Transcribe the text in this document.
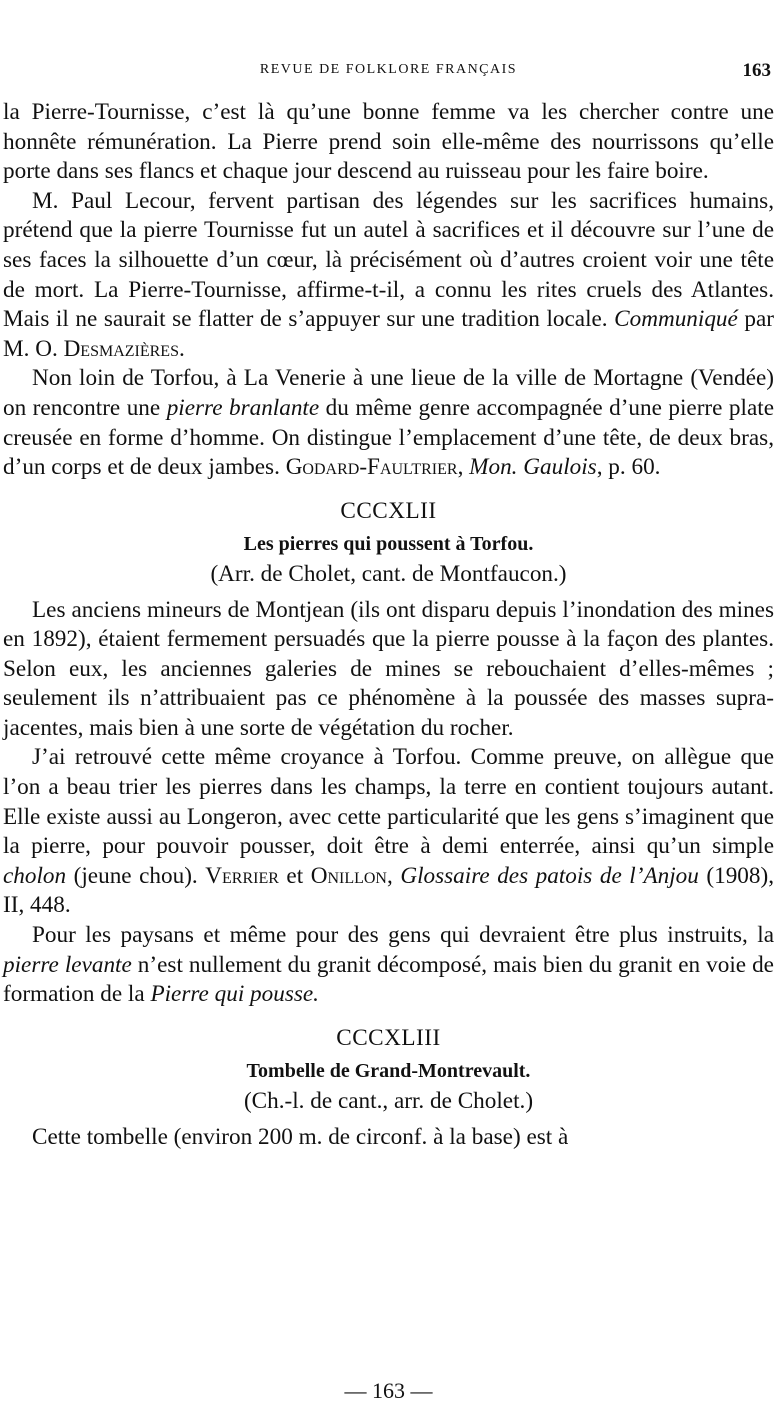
REVUE DE FOLKLORE FRANÇAIS	163

la Pierre-Tournisse, c’est là qu’une bonne femme va les chercher contre une honnête rémunération. La Pierre prend soin elle-même des nourrissons qu’elle porte dans ses flancs et chaque jour descend au ruisseau pour les faire boire.

M. Paul Lecour, fervent partisan des légendes sur les sacrifices humains, prétend que la pierre Tournisse fut un autel à sacrifices et il découvre sur l’une de ses faces la silhouette d’un cœur, là précisément où d’autres croient voir une tête de mort. La Pierre-Tournisse, affirme-t-il, a connu les rites cruels des Atlantes. Mais il ne saurait se flatter de s’appuyer sur une tradition locale. Communiqué par M. O. Desmazières.

Non loin de Torfou, à La Venerie à une lieue de la ville de Mortagne (Vendée) on rencontre une pierre branlante du même genre accompagnée d’une pierre plate creusée en forme d’homme. On distingue l’emplacement d’une tête, de deux bras, d’un corps et de deux jambes. Godard-Faultrier, Mon. Gaulois, p. 60.

CCCXLII

Les pierres qui poussent à Torfou.

(Arr. de Cholet, cant. de Montfaucon.)

Les anciens mineurs de Montjean (ils ont disparu depuis l’inondation des mines en 1892), étaient fermement persuadés que la pierre pousse à la façon des plantes. Selon eux, les anciennes galeries de mines se rebouchaient d’elles-mêmes ; seulement ils n’attribuaient pas ce phénomène à la poussée des masses supra-jacentes, mais bien à une sorte de végétation du rocher.

J’ai retrouvé cette même croyance à Torfou. Comme preuve, on allègue que l’on a beau trier les pierres dans les champs, la terre en contient toujours autant. Elle existe aussi au Longeron, avec cette particularité que les gens s’imaginent que la pierre, pour pouvoir pousser, doit être à demi enterrée, ainsi qu’un simple cholon (jeune chou). Verrier et Onillon, Glossaire des patois de l’Anjou (1908), II, 448.

Pour les paysans et même pour des gens qui devraient être plus instruits, la pierre levante n’est nullement du granit décomposé, mais bien du granit en voie de formation de la Pierre qui pousse.

CCCXLIII

Tombelle de Grand-Montrevault.

(Ch.-l. de cant., arr. de Cholet.)

Cette tombelle (environ 200 m. de circonf. à la base) est à

— 163 —
